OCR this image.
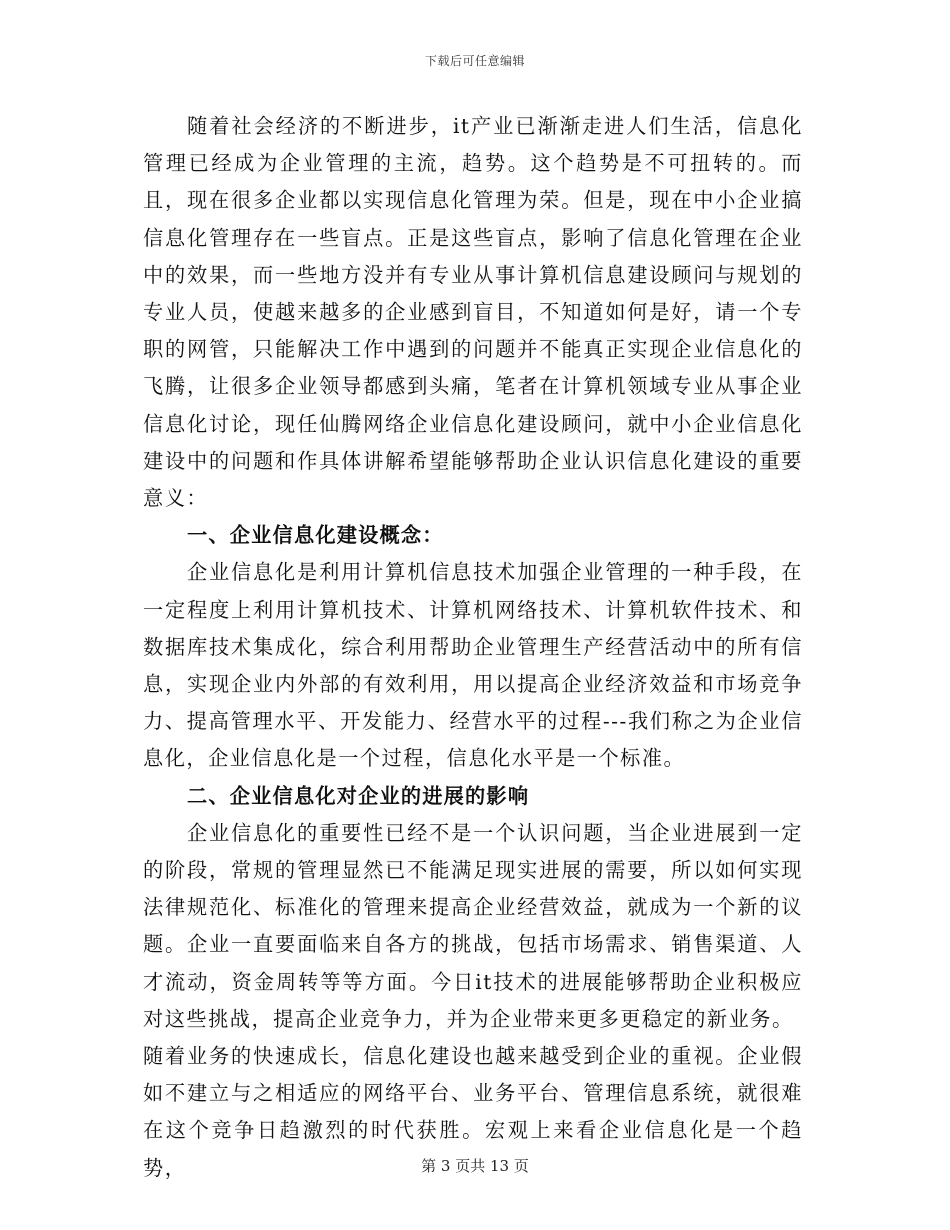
下载后可任意编辑

随着社会经济的不断进步，it产业已渐渐走进人们生活，信息化管理已经成为企业管理的主流，趋势。这个趋势是不可扭转的。而且，现在很多企业都以实现信息化管理为荣。但是，现在中小企业搞信息化管理存在一些盲点。正是这些盲点，影响了信息化管理在企业中的效果，而一些地方没并有专业从事计算机信息建设顾问与规划的专业人员，使越来越多的企业感到盲目，不知道如何是好，请一个专职的网管，只能解决工作中遇到的问题并不能真正实现企业信息化的飞腾，让很多企业领导都感到头痛，笔者在计算机领域专业从事企业信息化讨论，现任仙腾网络企业信息化建设顾问，就中小企业信息化建设中的问题和作具体讲解希望能够帮助企业认识信息化建设的重要意义：

一、企业信息化建设概念：

企业信息化是利用计算机信息技术加强企业管理的一种手段，在一定程度上利用计算机技术、计算机网络技术、计算机软件技术、和数据库技术集成化，综合利用帮助企业管理生产经营活动中的所有信息，实现企业内外部的有效利用，用以提高企业经济效益和市场竞争力、提高管理水平、开发能力、经营水平的过程---我们称之为企业信息化，企业信息化是一个过程，信息化水平是一个标准。

二、企业信息化对企业的进展的影响

企业信息化的重要性已经不是一个认识问题，当企业进展到一定的阶段，常规的管理显然已不能满足现实进展的需要，所以如何实现法律规范化、标准化的管理来提高企业经营效益，就成为一个新的议题。企业一直要面临来自各方的挑战，包括市场需求、销售渠道、人才流动，资金周转等等方面。今日it技术的进展能够帮助企业积极应对这些挑战，提高企业竞争力，并为企业带来更多更稳定的新业务。

随着业务的快速成长，信息化建设也越来越受到企业的重视。企业假如不建立与之相适应的网络平台、业务平台、管理信息系统，就很难在这个竞争日趋激烈的时代获胜。宏观上来看企业信息化是一个趋势，	第 3 页共 13 页
